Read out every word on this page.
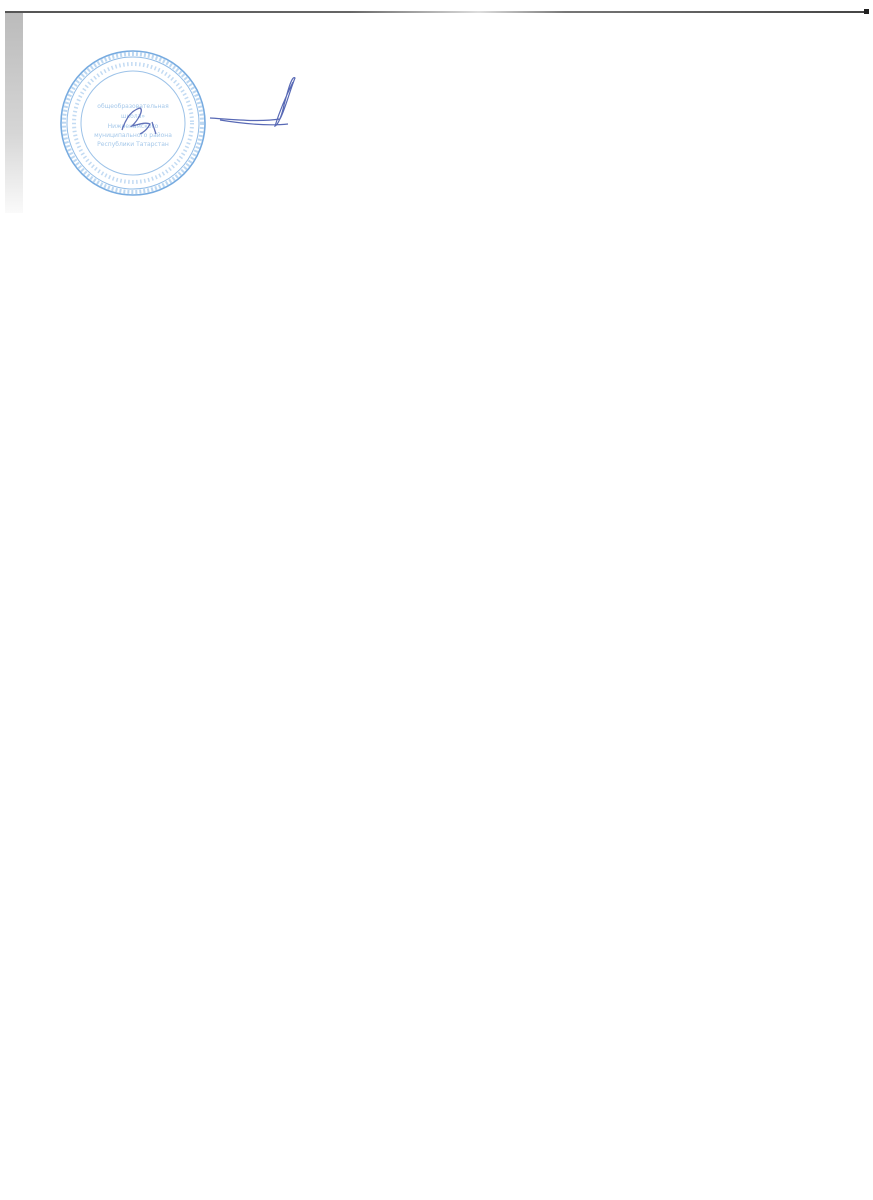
общеобразовательная
школа»
Нижнекамского
муниципального района
Республики Татарстан
